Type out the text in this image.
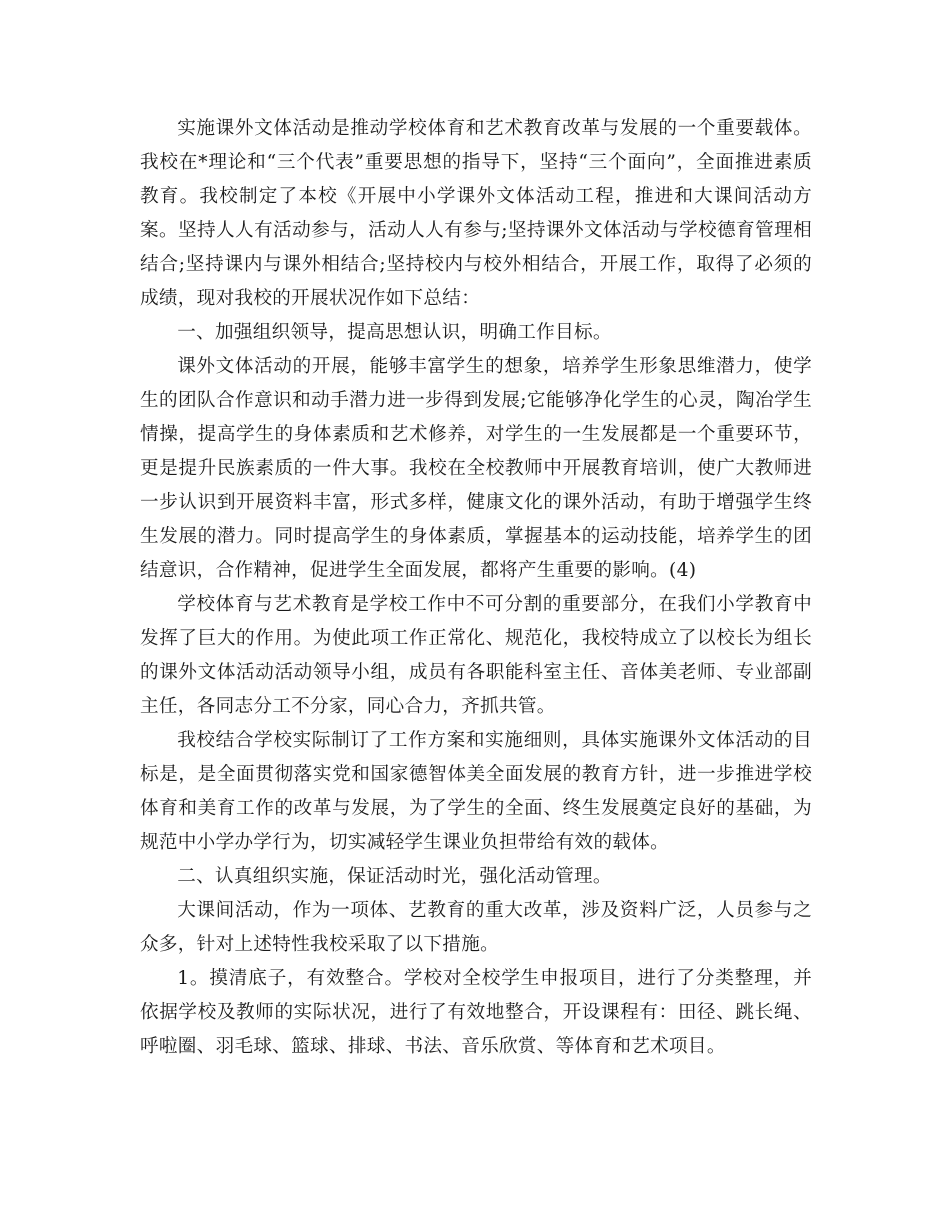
实施课外文体活动是推动学校体育和艺术教育改革与发展的一个重要载体。我校在*理论和“三个代表”重要思想的指导下，坚持“三个面向”，全面推进素质教育。我校制定了本校《开展中小学课外文体活动工程，推进和大课间活动方案。坚持人人有活动参与，活动人人有参与;坚持课外文体活动与学校德育管理相结合;坚持课内与课外相结合;坚持校内与校外相结合，开展工作，取得了必须的成绩，现对我校的开展状况作如下总结：

一、加强组织领导，提高思想认识，明确工作目标。

课外文体活动的开展，能够丰富学生的想象，培养学生形象思维潜力，使学生的团队合作意识和动手潜力进一步得到发展;它能够净化学生的心灵，陶冶学生情操，提高学生的身体素质和艺术修养，对学生的一生发展都是一个重要环节，更是提升民族素质的一件大事。我校在全校教师中开展教育培训，使广大教师进一步认识到开展资料丰富，形式多样，健康文化的课外活动，有助于增强学生终生发展的潜力。同时提高学生的身体素质，掌握基本的运动技能，培养学生的团结意识，合作精神，促进学生全面发展，都将产生重要的影响。(4)

学校体育与艺术教育是学校工作中不可分割的重要部分，在我们小学教育中发挥了巨大的作用。为使此项工作正常化、规范化，我校特成立了以校长为组长的课外文体活动活动领导小组，成员有各职能科室主任、音体美老师、专业部副主任，各同志分工不分家，同心合力，齐抓共管。

我校结合学校实际制订了工作方案和实施细则，具体实施课外文体活动的目标是，是全面贯彻落实党和国家德智体美全面发展的教育方针，进一步推进学校体育和美育工作的改革与发展，为了学生的全面、终生发展奠定良好的基础，为规范中小学办学行为，切实减轻学生课业负担带给有效的载体。

二、认真组织实施，保证活动时光，强化活动管理。

大课间活动，作为一项体、艺教育的重大改革，涉及资料广泛，人员参与之众多，针对上述特性我校采取了以下措施。

1。摸清底子，有效整合。学校对全校学生申报项目，进行了分类整理，并依据学校及教师的实际状况，进行了有效地整合，开设课程有：田径、跳长绳、呼啦圈、羽毛球、篮球、排球、书法、音乐欣赏、等体育和艺术项目。
